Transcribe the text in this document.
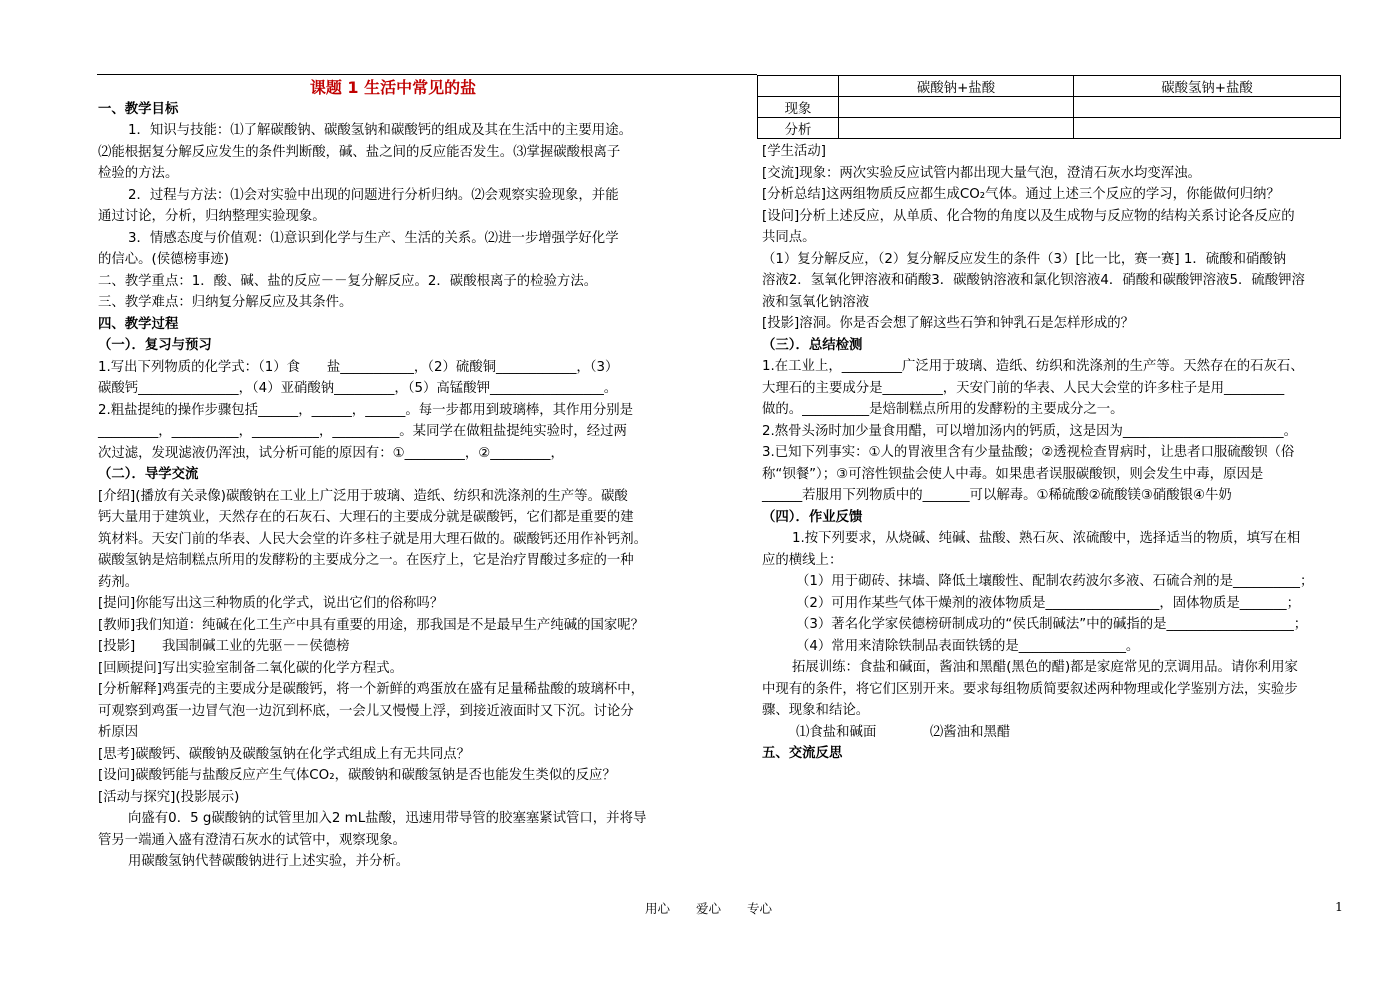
课题 1 生活中常见的盐

一、教学目标

1．知识与技能：⑴了解碳酸钠、碳酸氢钠和碳酸钙的组成及其在生活中的主要用途。

⑵能根据复分解反应发生的条件判断酸，碱、盐之间的反应能否发生。⑶掌握碳酸根离子

检验的方法。

2．过程与方法：⑴会对实验中出现的问题进行分析归纳。⑵会观察实验现象，并能

通过讨论，分析，归纳整理实验现象。

3．情感态度与价值观：⑴意识到化学与生产、生活的关系。⑵进一步增强学好化学

的信心。(侯德榜事迹)

二、教学重点：1．酸、碱、盐的反应－－复分解反应。2．碳酸根离子的检验方法。

三、教学难点：归纳复分解反应及其条件。

四、教学过程

（一）．复习与预习

1.写出下列物质的化学式：（1）食　　盐___________，（2）硫酸铜____________，（3）

碳酸钙_______________，（4）亚硝酸钠_________，（5）高锰酸钾_________________。

2.粗盐提纯的操作步骤包括______，______，______。每一步都用到玻璃棒，其作用分别是

_________，__________，__________，__________。某同学在做粗盐提纯实验时，经过两

次过滤，发现滤液仍浑浊，试分析可能的原因有：①_________，②_________，

（二）．导学交流

[介绍](播放有关录像)碳酸钠在工业上广泛用于玻璃、造纸、纺织和洗涤剂的生产等。碳酸

钙大量用于建筑业，天然存在的石灰石、大理石的主要成分就是碳酸钙，它们都是重要的建

筑材料。天安门前的华表、人民大会堂的许多柱子就是用大理石做的。碳酸钙还用作补钙剂。

碳酸氢钠是焙制糕点所用的发酵粉的主要成分之一。在医疗上，它是治疗胃酸过多症的一种

药剂。

[提问]你能写出这三种物质的化学式，说出它们的俗称吗？

[教师]我们知道：纯碱在化工生产中具有重要的用途，那我国是不是最早生产纯碱的国家呢？

[投影]　　我国制碱工业的先驱－－侯德榜

[回顾提问]写出实验室制备二氧化碳的化学方程式。

[分析解释]鸡蛋壳的主要成分是碳酸钙，将一个新鲜的鸡蛋放在盛有足量稀盐酸的玻璃杯中，

可观察到鸡蛋一边冒气泡一边沉到杯底，一会儿又慢慢上浮，到接近液面时又下沉。讨论分

析原因

[思考]碳酸钙、碳酸钠及碳酸氢钠在化学式组成上有无共同点？

[设问]碳酸钙能与盐酸反应产生气体CO₂，碳酸钠和碳酸氢钠是否也能发生类似的反应？

[活动与探究](投影展示)

向盛有0．5 g碳酸钠的试管里加入2 mL盐酸，迅速用带导管的胶塞塞紧试管口，并将导

管另一端通入盛有澄清石灰水的试管中，观察现象。

用碳酸氢钠代替碳酸钠进行上述实验，并分析。

	碳酸钠+盐酸	碳酸氢钠+盐酸
现象		
分析		

[学生活动]

[交流]现象：两次实验反应试管内都出现大量气泡，澄清石灰水均变浑浊。

[分析总结]这两组物质反应都生成CO₂气体。通过上述三个反应的学习，你能做何归纳？

[设问]分析上述反应，从单质、化合物的角度以及生成物与反应物的结构关系讨论各反应的

共同点。

（1）复分解反应，（2）复分解反应发生的条件（3）[比一比，赛一赛] 1．硫酸和硝酸钠

溶液2．氢氧化钾溶液和硝酸3．碳酸钠溶液和氯化钡溶液4．硝酸和碳酸钾溶液5．硫酸钾溶

液和氢氧化钠溶液

[投影]溶洞。你是否会想了解这些石笋和钟乳石是怎样形成的？

（三）．总结检测

1.在工业上，_________广泛用于玻璃、造纸、纺织和洗涤剂的生产等。天然存在的石灰石、

大理石的主要成分是_________，天安门前的华表、人民大会堂的许多柱子是用_________

做的。__________是焙制糕点所用的发酵粉的主要成分之一。

2.熬骨头汤时加少量食用醋，可以增加汤内的钙质，这是因为________________________。

3.已知下列事实：①人的胃液里含有少量盐酸；②透视检查胃病时，让患者口服硫酸钡（俗

称“钡餐”）；③可溶性钡盐会使人中毒。如果患者误服碳酸钡，则会发生中毒，原因是

______若服用下列物质中的_______可以解毒。①稀硫酸②硫酸镁③硝酸银④牛奶

（四）．作业反馈

1.按下列要求，从烧碱、纯碱、盐酸、熟石灰、浓硫酸中，选择适当的物质，填写在相

应的横线上：

（1）用于砌砖、抹墙、降低土壤酸性、配制农药波尔多液、石硫合剂的是__________；

（2）可用作某些气体干燥剂的液体物质是_________________，固体物质是_______；

（3）著名化学家侯德榜研制成功的“侯氏制碱法”中的碱指的是___________________；

（4）常用来清除铁制品表面铁锈的是________________。

拓展训练：食盐和碱面，酱油和黑醋(黑色的醋)都是家庭常见的烹调用品。请你利用家

中现有的条件，将它们区别开来。要求每组物质简要叙述两种物理或化学鉴别方法，实验步

骤、现象和结论。

⑴食盐和碱面　　　　⑵酱油和黑醋

五、交流反思

用心 爱心 专心	1
